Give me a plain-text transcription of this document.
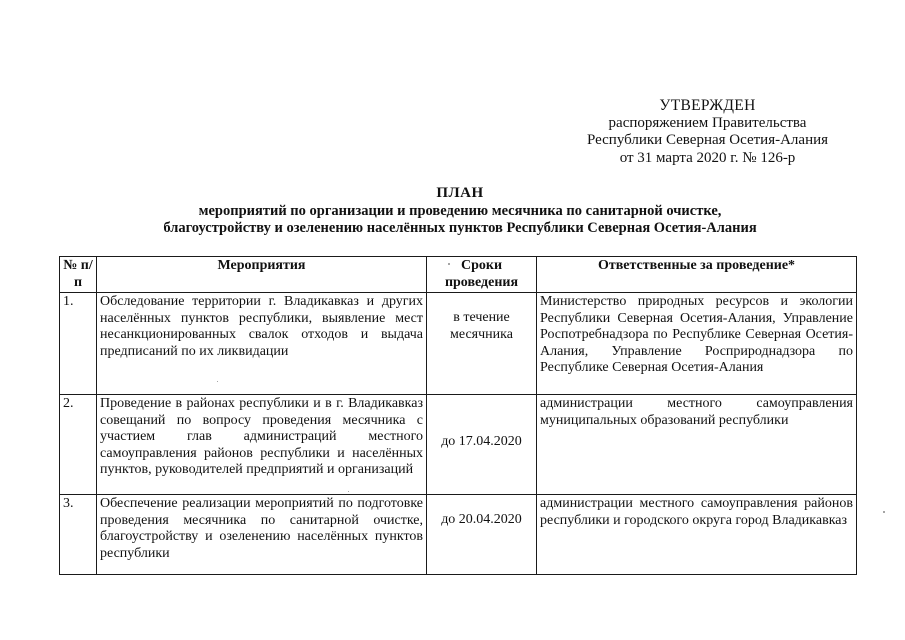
УТВЕРЖДЕН
распоряжением Правительства
Республики Северная Осетия-Алания
от 31 марта 2020 г. № 126-р
ПЛАН
мероприятий по организации и проведению месячника по санитарной очистке,
благоустройству и озеленению населённых пунктов Республики Северная Осетия-Алания
№ п/п	Мероприятия	Сроки проведения	Ответственные за проведение*
1.	Обследование территории г. Владикавказ и других населённых пунктов республики, выявление мест несанкционированных свалок отходов и выдача предписаний по их ликвидации	в течение месячника	Министерство природных ресурсов и экологии Республики Северная Осетия-Алания, Управление Роспотребнадзора по Республике Северная Осетия-Алания, Управление Росприроднадзора по Республике Северная Осетия-Алания
2.	Проведение в районах республики и в г. Владикавказ совещаний по вопросу проведения месячника с участием глав администраций местного самоуправления районов республики и населённых пунктов, руководителей предприятий и организаций	до 17.04.2020	администрации местного самоуправления муниципальных образований республики
3.	Обеспечение реализации мероприятий по подготовке проведения месячника по санитарной очистке, благоустройству и озеленению населённых пунктов республики	до 20.04.2020	администрации местного самоуправления районов республики и городского округа город Владикавказ
